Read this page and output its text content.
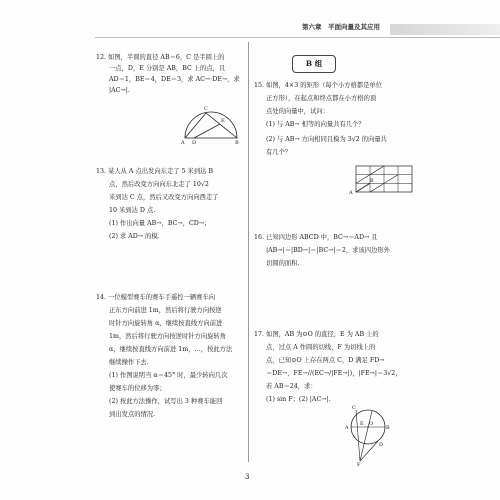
第六章　平面向量及其应用
12. 如图，半圆的直径 AB＝6，C 是半圆上的
一点，D，E 分别是 AB，BC 上的点，且
AD＝1，BE＝4，DE＝3，求 AC→·DE→，求
|AC→|.
C
A D
E
B
13. 某人从 A 点出发向东走了 5 米到达 B
点，然后改变方向向东北走了 10√2
米到达 C 点，然后又改变方向向西走了
10 米到达 D 点.
(1) 作出向量 AB→，BC→，CD→；
(2) 求 AD→ 的模.
14. 一位模型赛车的赛车手遥控一辆赛车向
正东方向前进 1m，然后将行驶方向按逆
时针方向旋转角 α，继续按直线方向前进
1m，然后将行驶方向按逆时针方向旋转角
α，继续按直线方向前进 1m，…，按此方法
继续操作下去.
(1) 作图说明当 α＝45° 时，最少转向几次
使赛车的位移为零；
(2) 按此方法操作，试写出 3 种赛车能回
到出发点的情况.
B 组
15. 如图，4×3 的矩形（每个小方格都是单位
正方形），在起点和终点都在小方格的顶
点处的向量中，试问：
(1) 与 AB→ 相等的向量共有几个？
(2) 与 AB→ 方向相同且模为 3√2 的向量共
有几个？
A
B
16. 已知四边形 ABCD 中，BC→＝AD→ 且
|AB→|＝|BD→|＝|BC→|＝2，求该四边形外
切圆的面积.
17. 如图，AB 为⊙O 的直径，E 为 AB 上的
点，过点 A 作圆的切线，F 为切线上的
点，已知⊙O 上存在两点 C，D 满足 FD→
＝DE→，FE→//(EC→/|FE→|)，|FE→|＝3√2，
若 AB＝24，求：
(1) sin F；(2) |AC→|.
C
A
E O
B
D
F
3
